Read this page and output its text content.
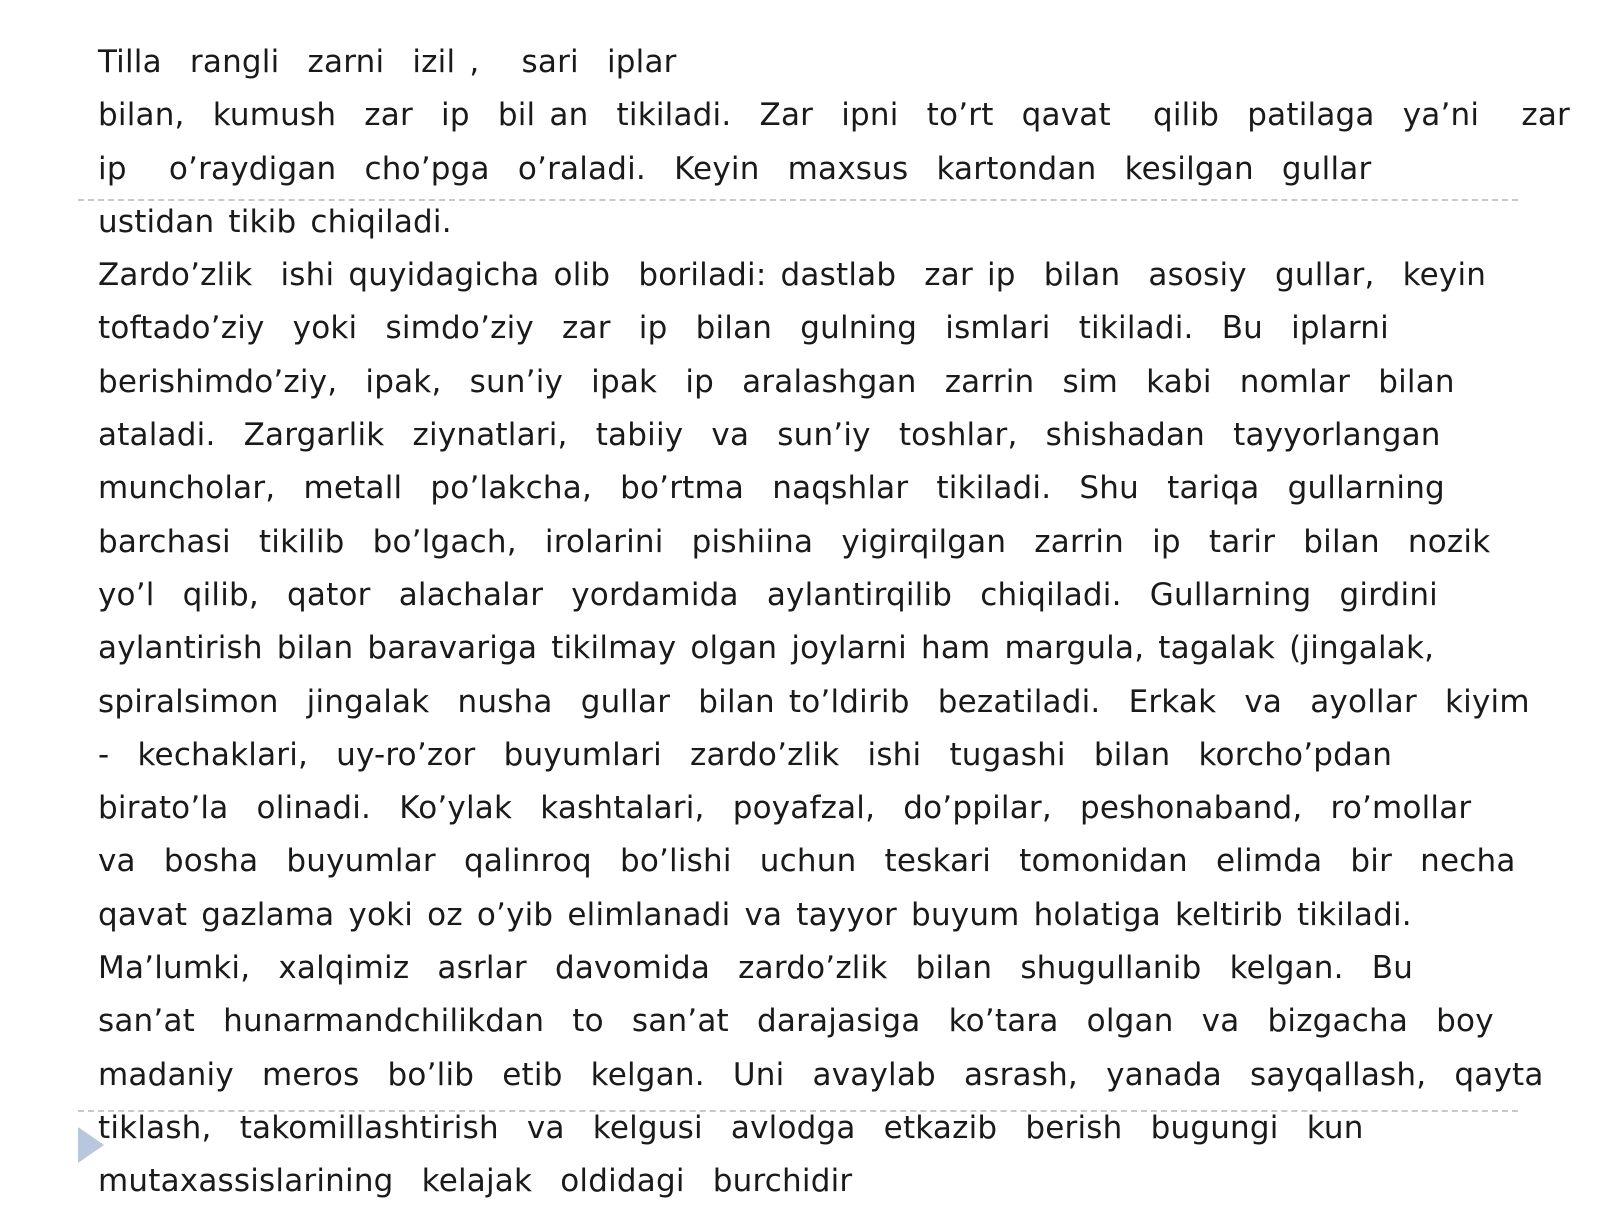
Tilla  rangli  zarni  izil ,   sari  iplar
bilan,  kumush  zar  ip  bil an  tikiladi.  Zar  ipni  to’rt  qavat   qilib  patilaga  ya’ni   zar
ip   o’raydigan  cho’pga  o’raladi.  Keyin  maxsus  kartondan  kesilgan  gullar
ustidan tikib chiqiladi.
Zardo’zlik  ishi quyidagicha olib  boriladi: dastlab  zar ip  bilan  asosiy  gullar,  keyin
toftado’ziy  yoki  simdo’ziy  zar  ip  bilan  gulning  ismlari  tikiladi.  Bu  iplarni
berishimdo’ziy,  ipak,  sun’iy  ipak  ip  aralashgan  zarrin  sim  kabi  nomlar  bilan
ataladi.  Zargarlik  ziynatlari,  tabiiy  va  sun’iy  toshlar,  shishadan  tayyorlangan
muncholar,  metall  po’lakcha,  bo’rtma  naqshlar  tikiladi.  Shu  tariqa  gullarning
barchasi  tikilib  bo’lgach,  irolarini  pishiina  yigirqilgan  zarrin  ip  tarir  bilan  nozik
yo’l  qilib,  qator  alachalar  yordamida  aylantirqilib  chiqiladi.  Gullarning  girdini
aylantirish bilan baravariga tikilmay olgan joylarni ham margula, tagalak (jingalak,
spiralsimon  jingalak  nusha  gullar  bilan to’ldirib  bezatiladi.  Erkak  va  ayollar  kiyim
-  kechaklari,  uy-ro’zor  buyumlari  zardo’zlik  ishi  tugashi  bilan  korcho’pdan
birato’la  olinadi.  Ko’ylak  kashtalari,  poyafzal,  do’ppilar,  peshonaband,  ro’mollar
va  bosha  buyumlar  qalinroq  bo’lishi  uchun  teskari  tomonidan  elimda  bir  necha
qavat gazlama yoki oz o’yib elimlanadi va tayyor buyum holatiga keltirib tikiladi.
Ma’lumki,  xalqimiz  asrlar  davomida  zardo’zlik  bilan  shugullanib  kelgan.  Bu
san’at  hunarmandchilikdan  to  san’at  darajasiga  ko’tara  olgan  va  bizgacha  boy
madaniy  meros  bo’lib  etib  kelgan.  Uni  avaylab  asrash,  yanada  sayqallash,  qayta
tiklash,  takomillashtirish  va  kelgusi  avlodga  etkazib  berish  bugungi  kun
mutaxassislarining  kelajak  oldidagi  burchidir
